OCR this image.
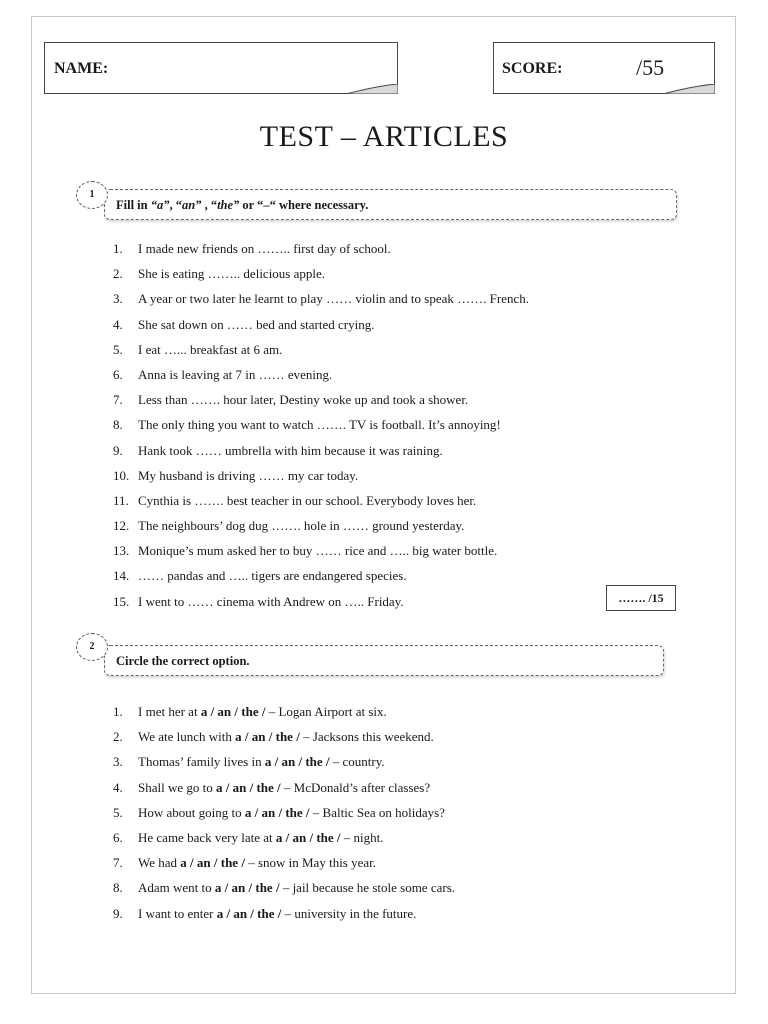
NAME:	SCORE:	/55
TEST – ARTICLES
1
Fill in “a”, “an” , “the” or “–“ where necessary.
1.	I made new friends on …….. first day of school.
2.	She is eating …….. delicious apple.
3.	A year or two later he learnt to play …… violin and to speak ……. French.
4.	She sat down on …… bed and started crying.
5.	I eat …... breakfast at 6 am.
6.	Anna is leaving at 7 in …… evening.
7.	Less than ……. hour later, Destiny woke up and took a shower.
8.	The only thing you want to watch ……. TV is football. It’s annoying!
9.	Hank took …… umbrella with him because it was raining.
10. My husband is driving …… my car today.
11. Cynthia is ……. best teacher in our school. Everybody loves her.
12. The neighbours’ dog dug ……. hole in …… ground yesterday.
13. Monique’s mum asked her to buy …… rice and ….. big water bottle.
14. …… pandas and ….. tigers are endangered species.
15. I went to …… cinema with Andrew on ….. Friday.	……. /15
2
Circle the correct option.
1.	I met her at a / an / the / – Logan Airport at six.
2.	We ate lunch with a / an / the / – Jacksons this weekend.
3.	Thomas’ family lives in a / an / the / – country.
4.	Shall we go to a / an / the / – McDonald’s after classes?
5.	How about going to a / an / the / – Baltic Sea on holidays?
6.	He came back very late at a / an / the / – night.
7.	We had a / an / the / – snow in May this year.
8.	Adam went to a / an / the / – jail because he stole some cars.
9.	I want to enter a / an / the / – university in the future.
